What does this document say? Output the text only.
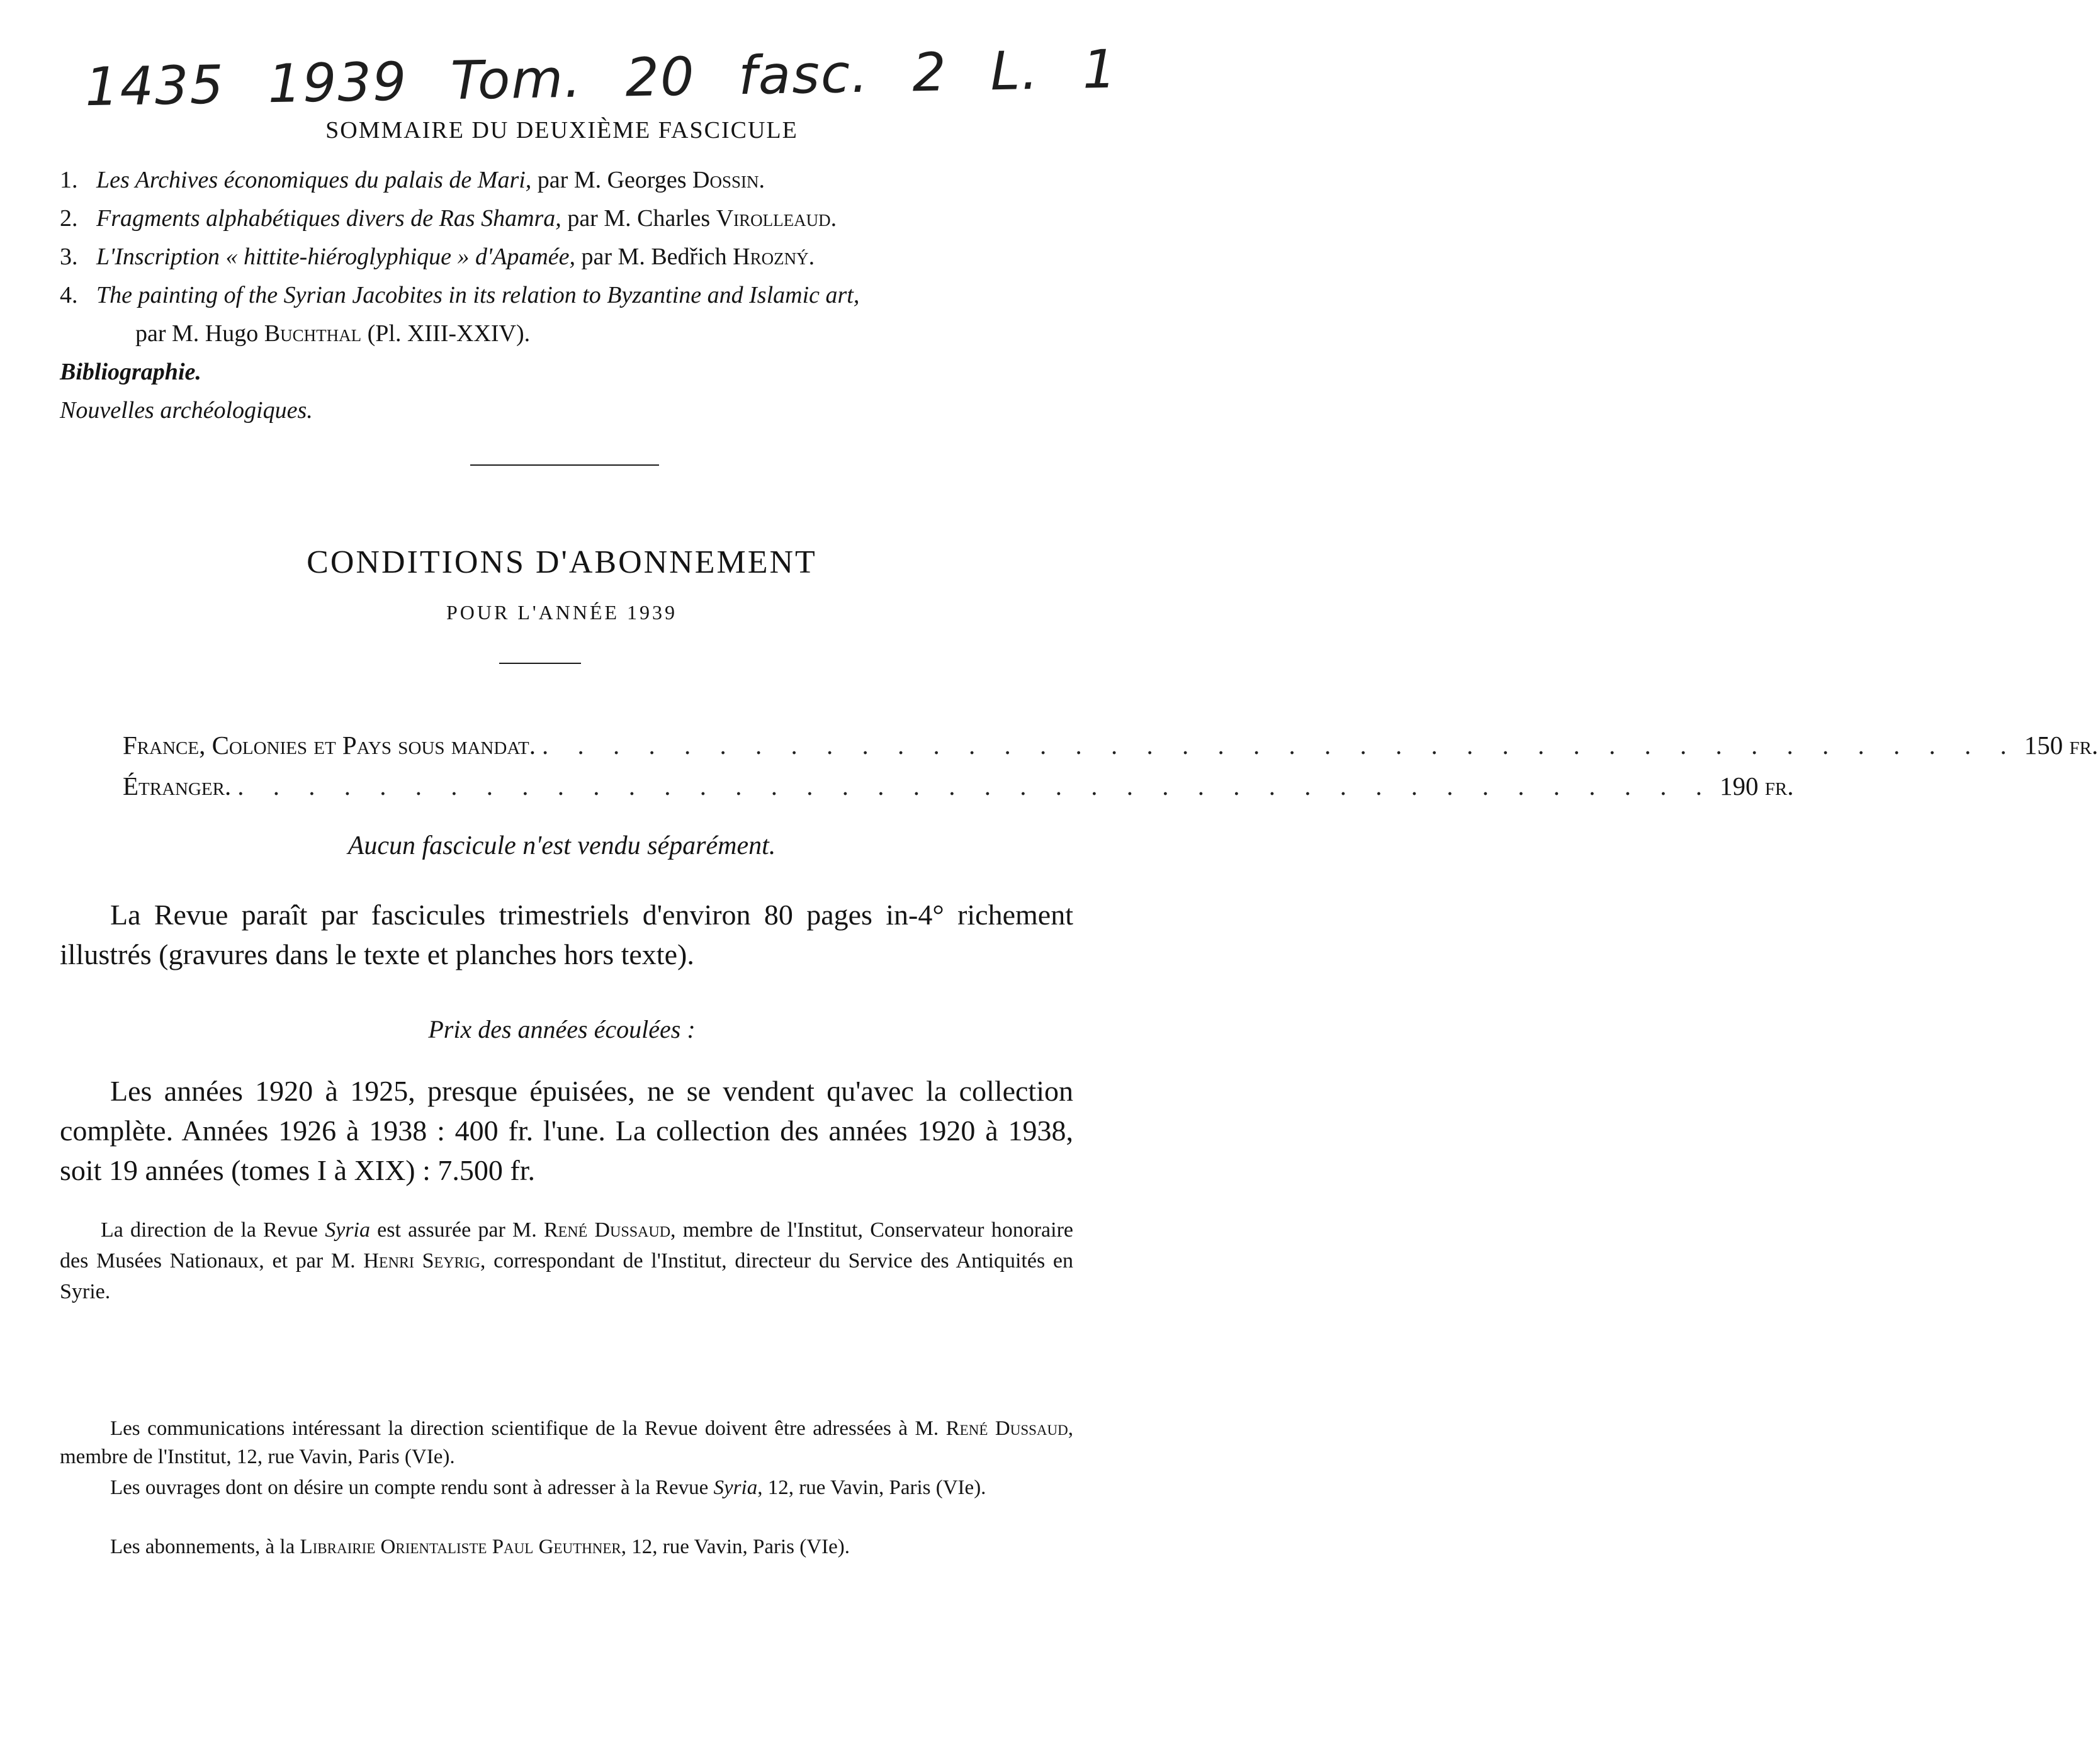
1435 1939 Tom. 20 fasc. 2 L. 1
SOMMAIRE DU DEUXIÈME FASCICULE
1. Les Archives économiques du palais de Mari, par M. Georges Dossin.
2. Fragments alphabétiques divers de Ras Shamra, par M. Charles Virolleaud.
3. L'Inscription « hittite-hiéroglyphique » d'Apamée, par M. Bedřich Hrozný.
4. The painting of the Syrian Jacobites in its relation to Byzantine and Islamic art,
par M. Hugo Buchthal (Pl. XIII-XXIV).
Bibliographie.
Nouvelles archéologiques.
CONDITIONS D'ABONNEMENT
POUR L'ANNÉE 1939
France, Colonies et Pays sous mandat. . . . . . . . . . . . . . . . . . . . . . . . . . . . . . . . . . . . . . . . . . . 150 fr.
Étranger. . . . . . . . . . . . . . . . . . . . . . . . . . . . . . . . . . . . . . . . . . . 190 fr.
Aucun fascicule n'est vendu séparément.
La Revue paraît par fascicules trimestriels d'environ 80 pages in-4° richement illustrés (gravures dans le texte et planches hors texte).
Prix des années écoulées :
Les années 1920 à 1925, presque épuisées, ne se vendent qu'avec la collection complète. Années 1926 à 1938 : 400 fr. l'une. La collection des années 1920 à 1938, soit 19 années (tomes I à XIX) : 7.500 fr.
La direction de la Revue Syria est assurée par M. René Dussaud, membre de l'Institut, Conservateur honoraire des Musées Nationaux, et par M. Henri Seyrig, correspondant de l'Institut, directeur du Service des Antiquités en Syrie.
Les communications intéressant la direction scientifique de la Revue doivent être adressées à M. René Dussaud, membre de l'Institut, 12, rue Vavin, Paris (VIe).
Les ouvrages dont on désire un compte rendu sont à adresser à la Revue Syria, 12, rue Vavin, Paris (VIe).
Les abonnements, à la Librairie Orientaliste Paul Geuthner, 12, rue Vavin, Paris (VIe).
